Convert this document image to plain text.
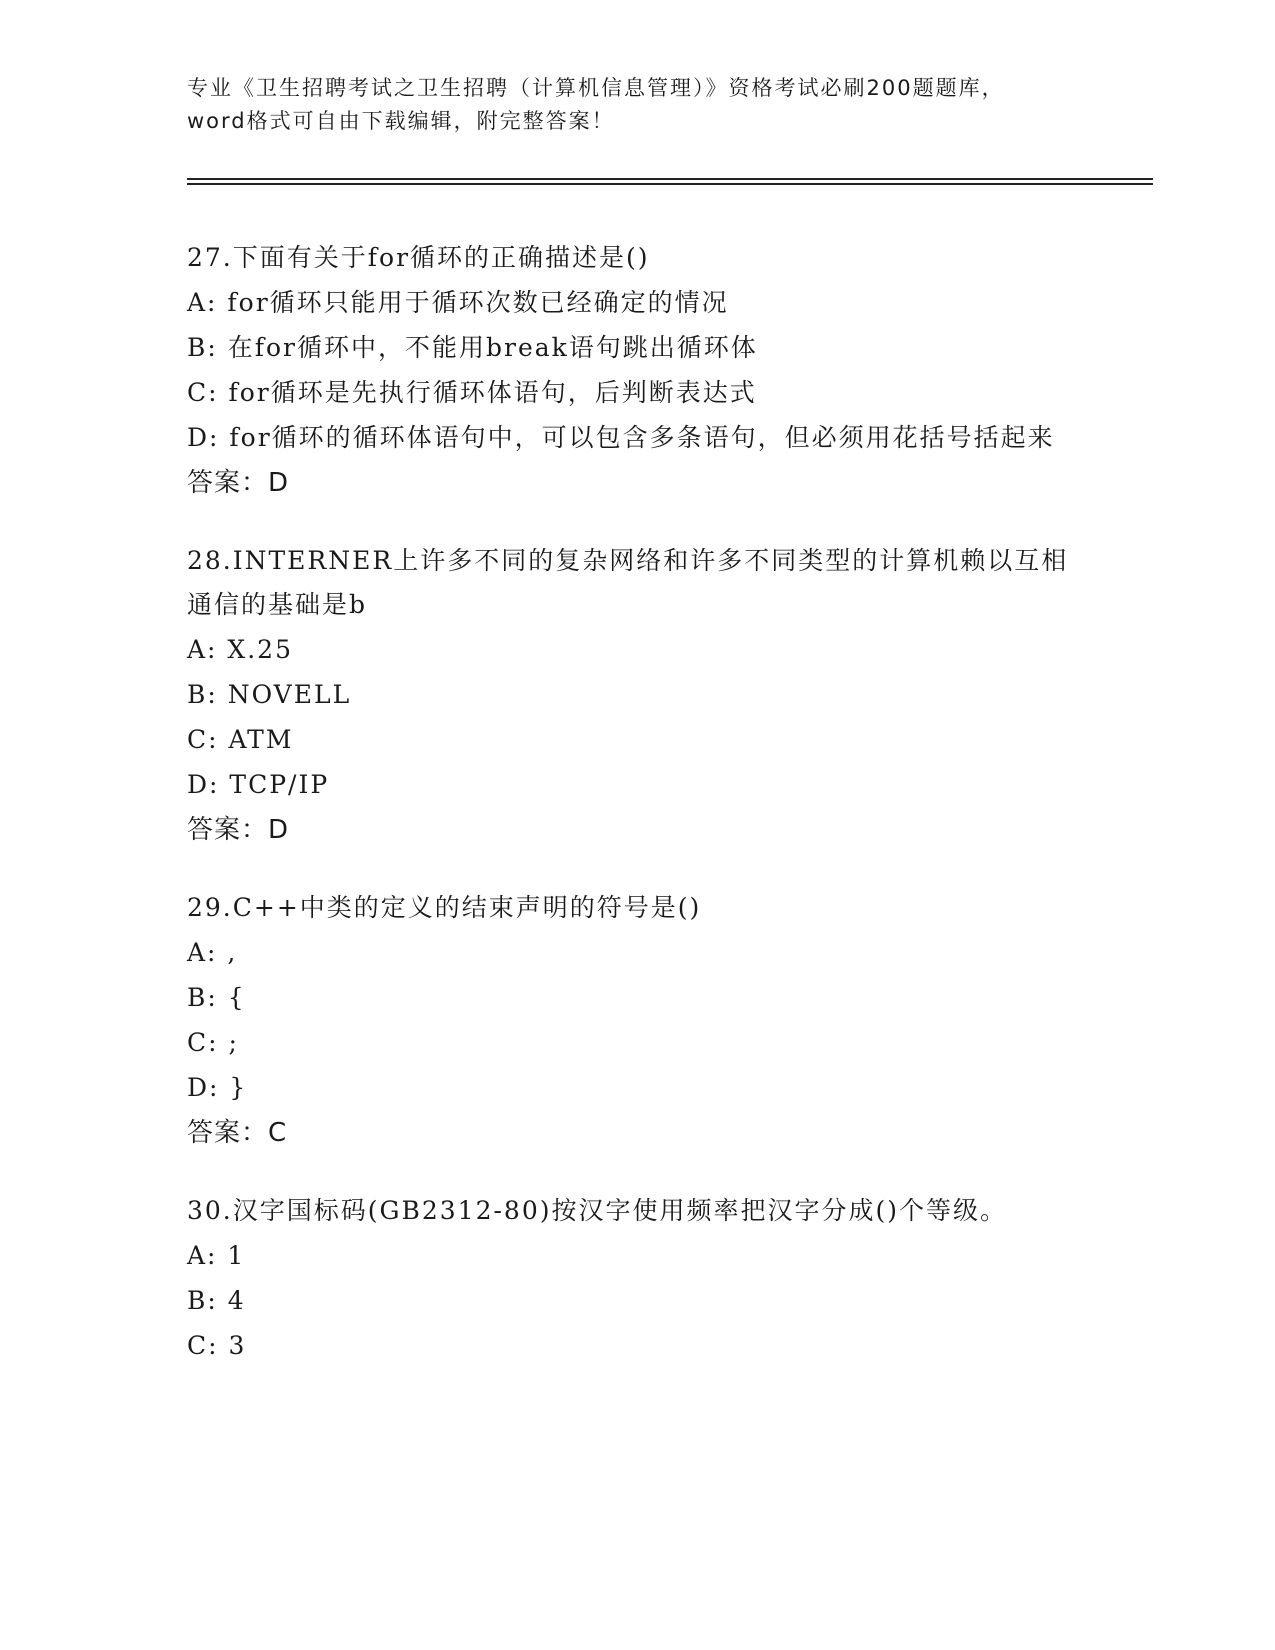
专业《卫生招聘考试之卫生招聘（计算机信息管理）》资格考试必刷200题题库，

word格式可自由下载编辑，附完整答案！

27.下面有关于for循环的正确描述是()

A: for循环只能用于循环次数已经确定的情况

B: 在for循环中，不能用break语句跳出循环体

C: for循环是先执行循环体语句，后判断表达式

D: for循环的循环体语句中，可以包含多条语句，但必须用花括号括起来

答案：D

28.INTERNER上许多不同的复杂网络和许多不同类型的计算机赖以互相通信的基础是b

A: X.25

B: NOVELL

C: ATM

D: TCP/IP

答案：D

29.C++中类的定义的结束声明的符号是()

A: ,

B: {

C: ;

D: }

答案：C

30.汉字国标码(GB2312-80)按汉字使用频率把汉字分成()个等级。

A: 1

B: 4

C: 3
